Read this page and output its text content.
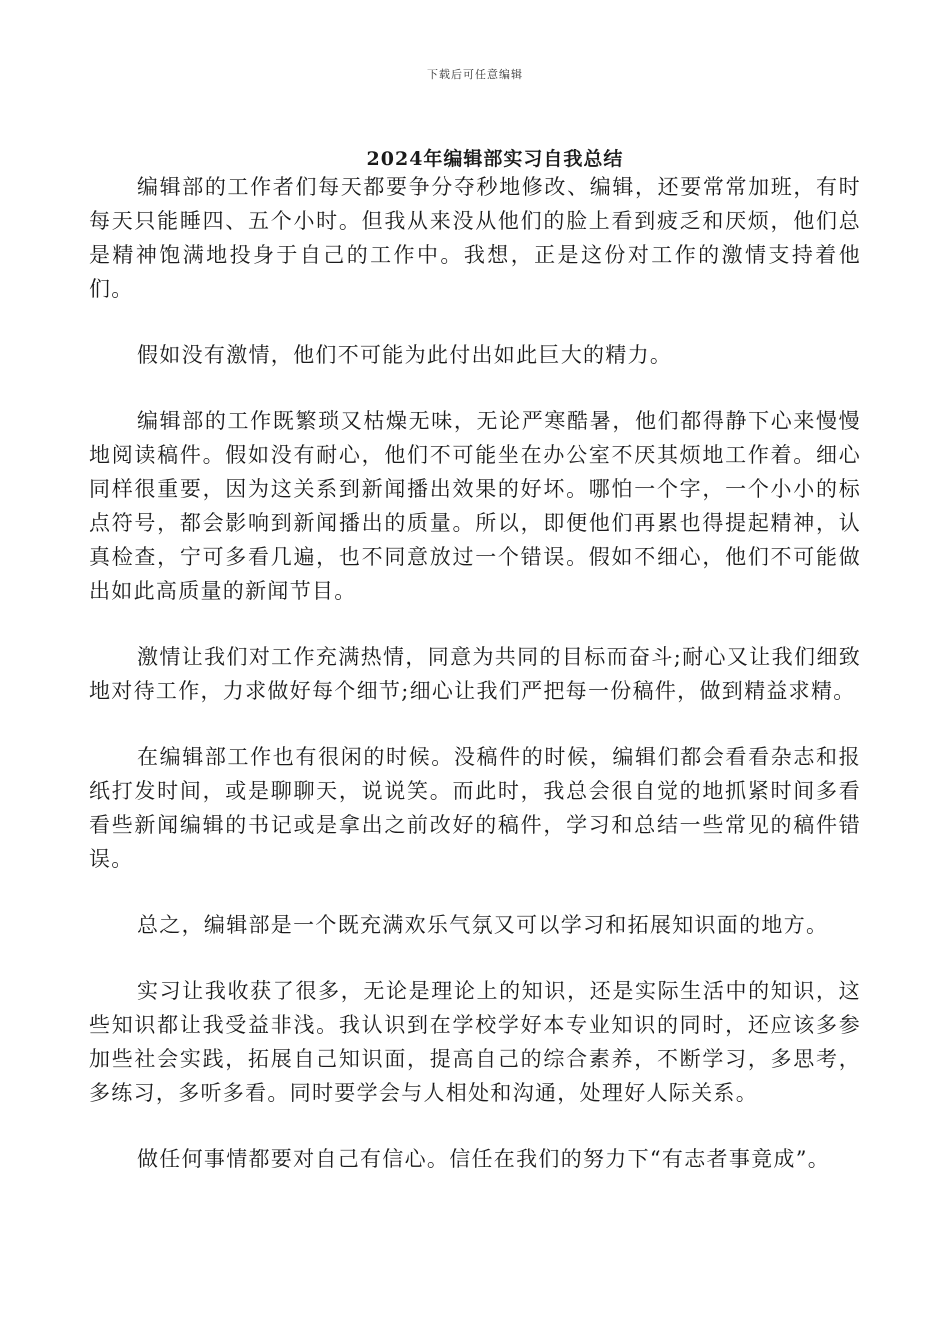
下载后可任意编辑
2024年编辑部实习自我总结

编辑部的工作者们每天都要争分夺秒地修改、编辑，还要常常加班，有时每天只能睡四、五个小时。但我从来没从他们的脸上看到疲乏和厌烦，他们总是精神饱满地投身于自己的工作中。我想，正是这份对工作的激情支持着他们。

假如没有激情，他们不可能为此付出如此巨大的精力。

编辑部的工作既繁琐又枯燥无味，无论严寒酷暑，他们都得静下心来慢慢地阅读稿件。假如没有耐心，他们不可能坐在办公室不厌其烦地工作着。细心同样很重要，因为这关系到新闻播出效果的好坏。哪怕一个字，一个小小的标点符号，都会影响到新闻播出的质量。所以，即便他们再累也得提起精神，认真检查，宁可多看几遍，也不同意放过一个错误。假如不细心，他们不可能做出如此高质量的新闻节目。

激情让我们对工作充满热情，同意为共同的目标而奋斗;耐心又让我们细致地对待工作，力求做好每个细节;细心让我们严把每一份稿件，做到精益求精。

在编辑部工作也有很闲的时候。没稿件的时候，编辑们都会看看杂志和报纸打发时间，或是聊聊天，说说笑。而此时，我总会很自觉的地抓紧时间多看看些新闻编辑的书记或是拿出之前改好的稿件，学习和总结一些常见的稿件错误。

总之，编辑部是一个既充满欢乐气氛又可以学习和拓展知识面的地方。

实习让我收获了很多，无论是理论上的知识，还是实际生活中的知识，这些知识都让我受益非浅。我认识到在学校学好本专业知识的同时，还应该多参加些社会实践，拓展自己知识面，提高自己的综合素养，不断学习，多思考，多练习，多听多看。同时要学会与人相处和沟通，处理好人际关系。

做任何事情都要对自己有信心。信任在我们的努力下“有志者事竟成”。
